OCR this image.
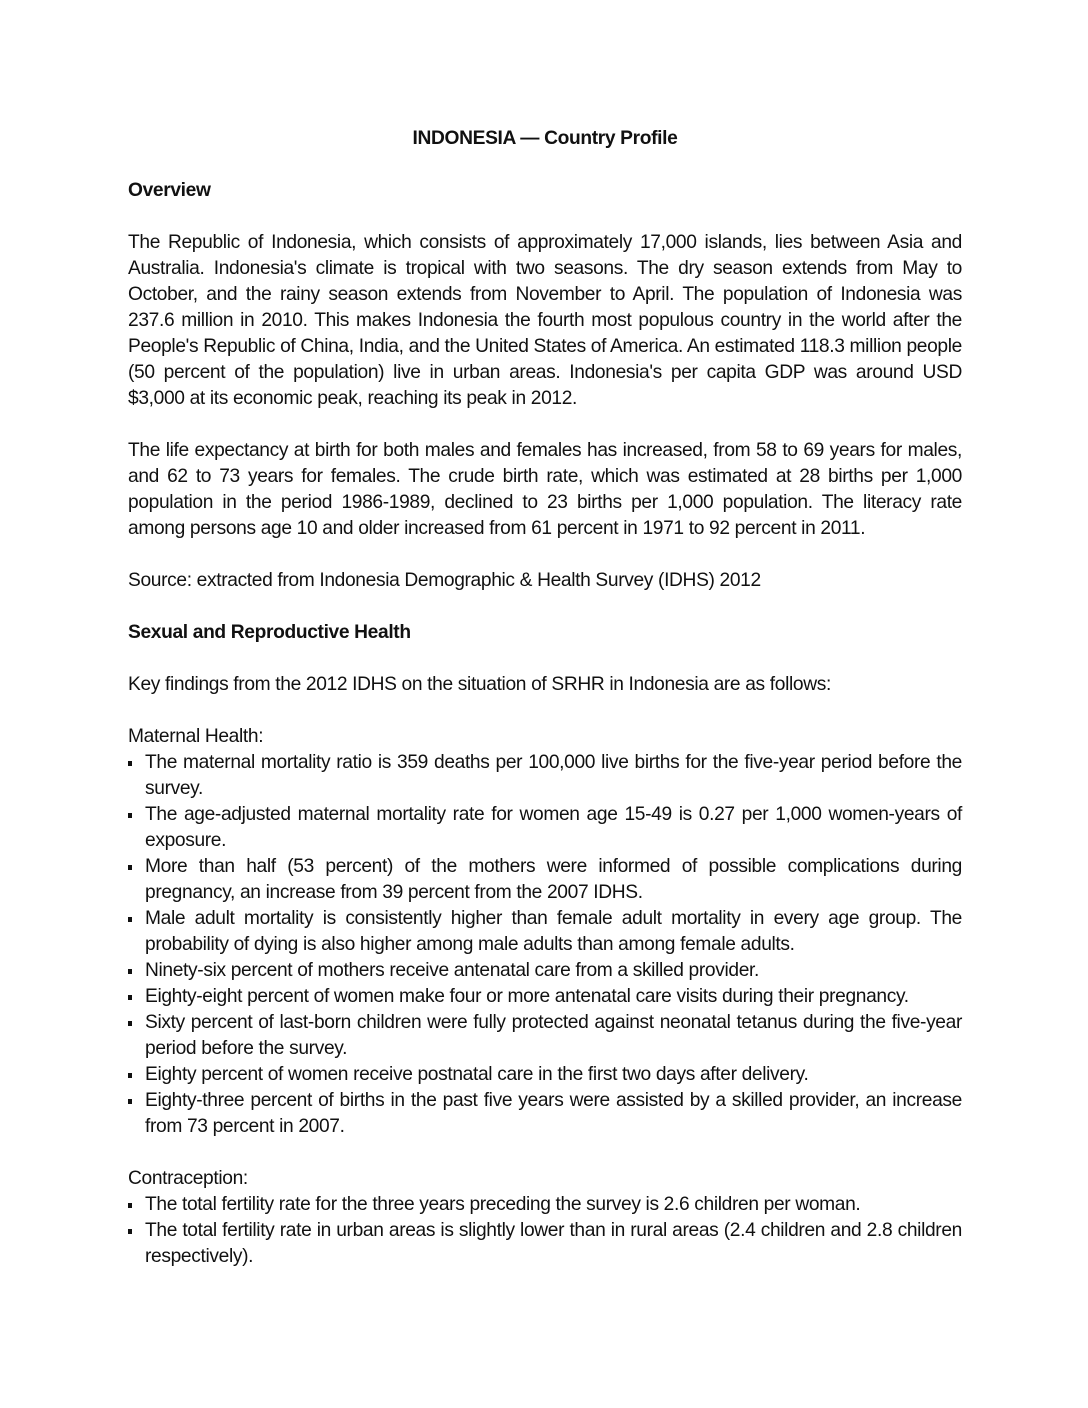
INDONESIA — Country Profile
Overview

The Republic of Indonesia, which consists of approximately 17,000 islands, lies between Asia and Australia. Indonesia's climate is tropical with two seasons. The dry season extends from May to October, and the rainy season extends from November to April. The population of Indonesia was 237.6 million in 2010. This makes Indonesia the fourth most populous country in the world after the People's Republic of China, India, and the United States of America. An estimated 118.3 million people (50 percent of the population) live in urban areas. Indonesia's per capita GDP was around USD $3,000 at its economic peak, reaching its peak in 2012.

The life expectancy at birth for both males and females has increased, from 58 to 69 years for males, and 62 to 73 years for females. The crude birth rate, which was estimated at 28 births per 1,000 population in the period 1986-1989, declined to 23 births per 1,000 population. The literacy rate among persons age 10 and older increased from 61 percent in 1971 to 92 percent in 2011.

Source: extracted from Indonesia Demographic & Health Survey (IDHS) 2012

Sexual and Reproductive Health

Key findings from the 2012 IDHS on the situation of SRHR in Indonesia are as follows:

Maternal Health:

The maternal mortality ratio is 359 deaths per 100,000 live births for the five-year period before the survey.
The age-adjusted maternal mortality rate for women age 15-49 is 0.27 per 1,000 women-years of exposure.
More than half (53 percent) of the mothers were informed of possible complications during pregnancy, an increase from 39 percent from the 2007 IDHS.
Male adult mortality is consistently higher than female adult mortality in every age group. The probability of dying is also higher among male adults than among female adults.
Ninety-six percent of mothers receive antenatal care from a skilled provider.
Eighty-eight percent of women make four or more antenatal care visits during their pregnancy.
Sixty percent of last-born children were fully protected against neonatal tetanus during the five-year period before the survey.
Eighty percent of women receive postnatal care in the first two days after delivery.
Eighty-three percent of births in the past five years were assisted by a skilled provider, an increase from 73 percent in 2007.

Contraception:

The total fertility rate for the three years preceding the survey is 2.6 children per woman.
The total fertility rate in urban areas is slightly lower than in rural areas (2.4 children and 2.8 children respectively).
